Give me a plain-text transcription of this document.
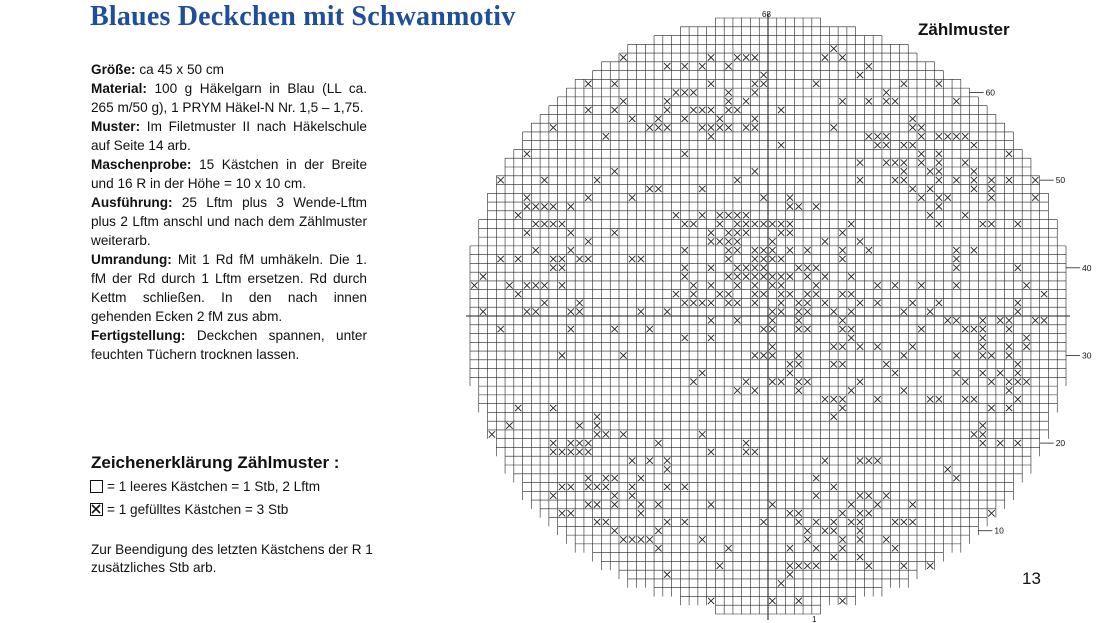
Blaues Deckchen mit Schwanmotiv

Größe: ca 45 x 50 cm

Material: 100 g Häkelgarn in Blau (LL ca. 265 m/50 g), 1 PRYM Häkel-N Nr. 1,5 – 1,75.

Muster: Im Filetmuster II nach Häkelschule auf Seite 14 arb.

Maschenprobe: 15 Kästchen in der Breite und 16 R in der Höhe = 10 x 10 cm.

Ausführung: 25 Lftm plus 3 Wende-Lftm plus 2 Lftm anschl und nach dem Zählmuster weiterarb.

Umrandung: Mit 1 Rd fM umhäkeln. Die 1. fM der Rd durch 1 Lftm ersetzen. Rd durch Kettm schließen. In den nach innen gehenden Ecken 2 fM zus abm.

Fertigstellung: Deckchen spannen, unter feuchten Tüchern trocknen lassen.

Zeichenerklärung Zählmuster :
= 1 leeres Kästchen = 1 Stb, 2 Lftm
= 1 gefülltes Kästchen = 3 Stb
Zur Beendigung des letzten Kästchens der R 1 zusätzliches Stb arb.
68
60
50
40
30
20
10
1
Zählmuster
13
